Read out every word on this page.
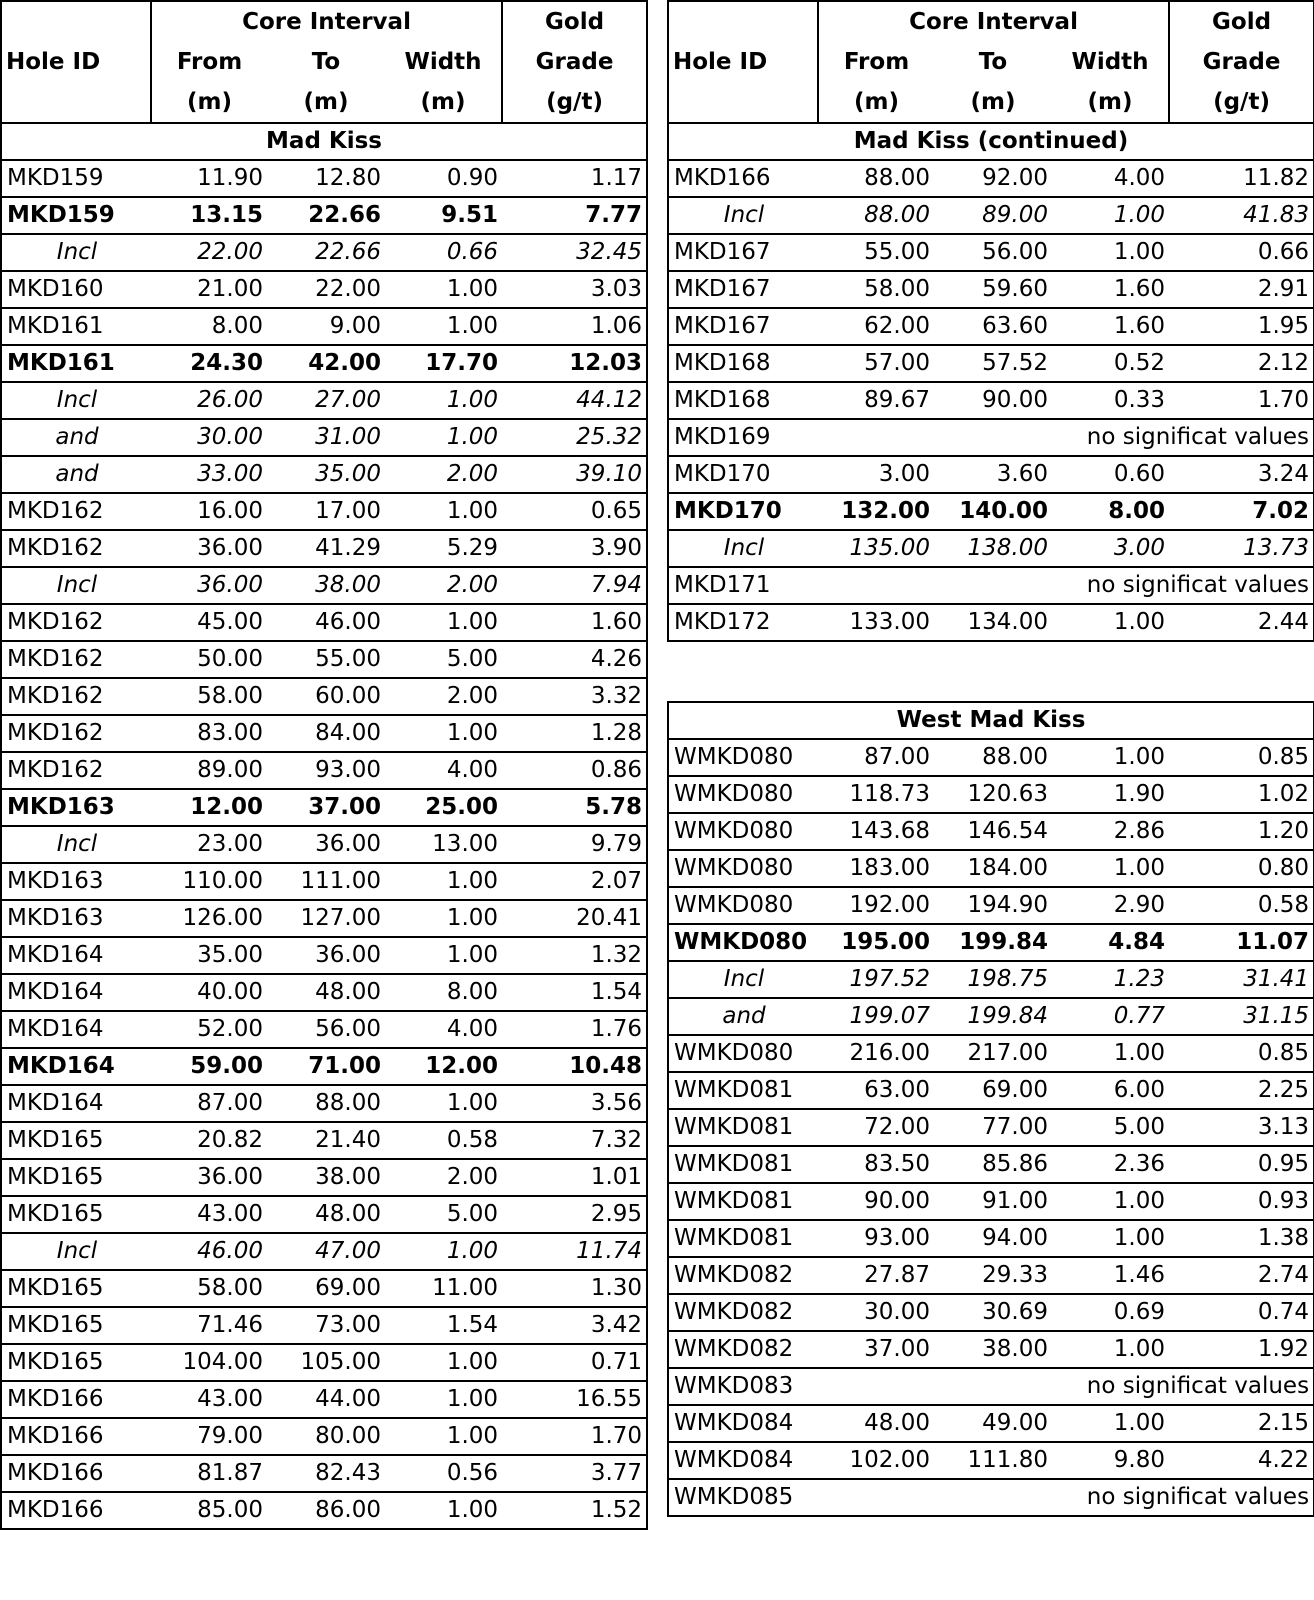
	Core Interval			Gold
Hole ID	From	To	Width	Grade
	(m)	(m)	(m)	(g/t)
Mad Kiss				
MKD159	11.90	12.80	0.90	1.17
MKD159	13.15	22.66	9.51	7.77
Incl	22.00	22.66	0.66	32.45
MKD160	21.00	22.00	1.00	3.03
MKD161	8.00	9.00	1.00	1.06
MKD161	24.30	42.00	17.70	12.03
Incl	26.00	27.00	1.00	44.12
and	30.00	31.00	1.00	25.32
and	33.00	35.00	2.00	39.10
MKD162	16.00	17.00	1.00	0.65
MKD162	36.00	41.29	5.29	3.90
Incl	36.00	38.00	2.00	7.94
MKD162	45.00	46.00	1.00	1.60
MKD162	50.00	55.00	5.00	4.26
MKD162	58.00	60.00	2.00	3.32
MKD162	83.00	84.00	1.00	1.28
MKD162	89.00	93.00	4.00	0.86
MKD163	12.00	37.00	25.00	5.78
Incl	23.00	36.00	13.00	9.79
MKD163	110.00	111.00	1.00	2.07
MKD163	126.00	127.00	1.00	20.41
MKD164	35.00	36.00	1.00	1.32
MKD164	40.00	48.00	8.00	1.54
MKD164	52.00	56.00	4.00	1.76
MKD164	59.00	71.00	12.00	10.48
MKD164	87.00	88.00	1.00	3.56
MKD165	20.82	21.40	0.58	7.32
MKD165	36.00	38.00	2.00	1.01
MKD165	43.00	48.00	5.00	2.95
Incl	46.00	47.00	1.00	11.74
MKD165	58.00	69.00	11.00	1.30
MKD165	71.46	73.00	1.54	3.42
MKD165	104.00	105.00	1.00	0.71
MKD166	43.00	44.00	1.00	16.55
MKD166	79.00	80.00	1.00	1.70
MKD166	81.87	82.43	0.56	3.77
MKD166	85.00	86.00	1.00	1.52
	Core Interval			Gold
Hole ID	From	To	Width	Grade
	(m)	(m)	(m)	(g/t)
Mad Kiss (continued)				
MKD166	88.00	92.00	4.00	11.82
Incl	88.00	89.00	1.00	41.83
MKD167	55.00	56.00	1.00	0.66
MKD167	58.00	59.60	1.60	2.91
MKD167	62.00	63.60	1.60	1.95
MKD168	57.00	57.52	0.52	2.12
MKD168	89.67	90.00	0.33	1.70
MKD169	no significat values			
MKD170	3.00	3.60	0.60	3.24
MKD170	132.00	140.00	8.00	7.02
Incl	135.00	138.00	3.00	13.73
MKD171	no significat values			
MKD172	133.00	134.00	1.00	2.44
West Mad Kiss				
WMKD080	87.00	88.00	1.00	0.85
WMKD080	118.73	120.63	1.90	1.02
WMKD080	143.68	146.54	2.86	1.20
WMKD080	183.00	184.00	1.00	0.80
WMKD080	192.00	194.90	2.90	0.58
WMKD080	195.00	199.84	4.84	11.07
Incl	197.52	198.75	1.23	31.41
and	199.07	199.84	0.77	31.15
WMKD080	216.00	217.00	1.00	0.85
WMKD081	63.00	69.00	6.00	2.25
WMKD081	72.00	77.00	5.00	3.13
WMKD081	83.50	85.86	2.36	0.95
WMKD081	90.00	91.00	1.00	0.93
WMKD081	93.00	94.00	1.00	1.38
WMKD082	27.87	29.33	1.46	2.74
WMKD082	30.00	30.69	0.69	0.74
WMKD082	37.00	38.00	1.00	1.92
WMKD083	no significat values			
WMKD084	48.00	49.00	1.00	2.15
WMKD084	102.00	111.80	9.80	4.22
WMKD085	no significat values			
